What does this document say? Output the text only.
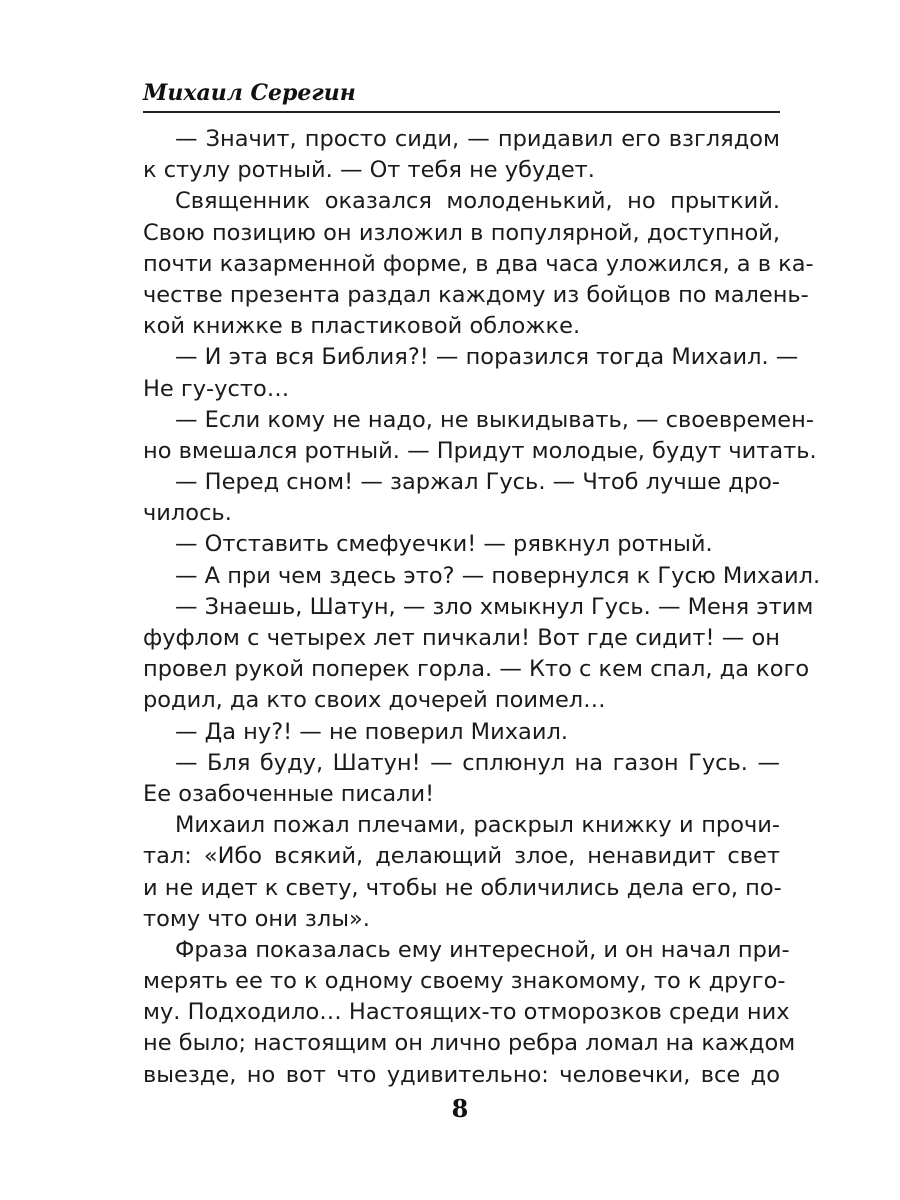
Михаил Серегин
— Значит, просто сиди, — придавил его взглядом
к стулу ротный. — От тебя не убудет.
Священник оказался молоденький, но прыткий.
Свою позицию он изложил в популярной, доступной,
почти казарменной форме, в два часа уложился, а в ка-
честве презента раздал каждому из бойцов по малень-
кой книжке в пластиковой обложке.
— И эта вся Библия?! — поразился тогда Михаил. —
Не гу-усто…
— Если кому не надо, не выкидывать, — своевремен-
но вмешался ротный. — Придут молодые, будут читать.
— Перед сном! — заржал Гусь. — Чтоб лучше дро-
чилось.
— Отставить смефуечки! — рявкнул ротный.
— А при чем здесь это? — повернулся к Гусю Михаил.
— Знаешь, Шатун, — зло хмыкнул Гусь. — Меня этим
фуфлом с четырех лет пичкали! Вот где сидит! — он
провел рукой поперек горла. — Кто с кем спал, да кого
родил, да кто своих дочерей поимел…
— Да ну?! — не поверил Михаил.
— Бля буду, Шатун! — сплюнул на газон Гусь. —
Ее озабоченные писали!
Михаил пожал плечами, раскрыл книжку и прочи-
тал: «Ибо всякий, делающий злое, ненавидит свет
и не идет к свету, чтобы не обличились дела его, по-
тому что они злы».
Фраза показалась ему интересной, и он начал при-
мерять ее то к одному своему знакомому, то к друго-
му. Подходило… Настоящих-то отморозков среди них
не было; настоящим он лично ребра ломал на каждом
выезде, но вот что удивительно: человечки, все до
8
